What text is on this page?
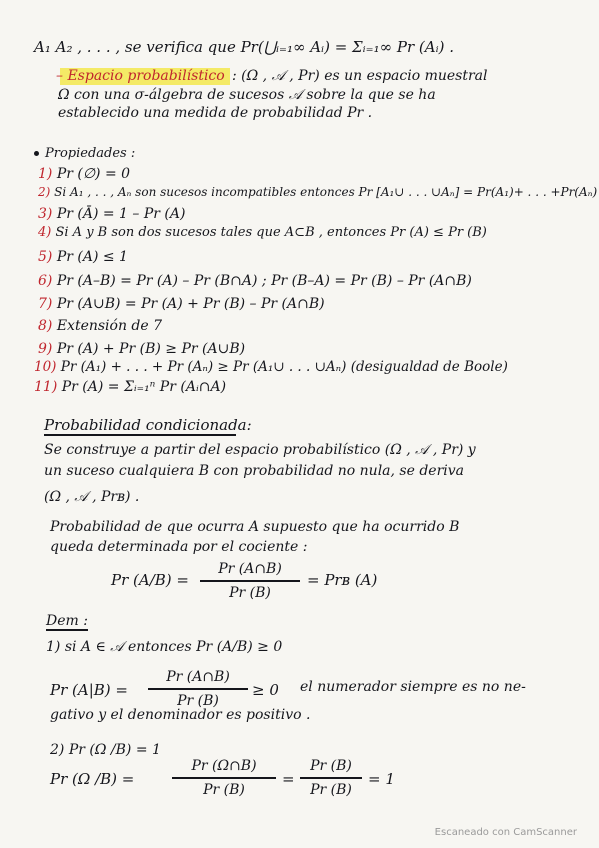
A₁ A₂ , . . . , se verifica que Pr(⋃ᵢ₌₁∞ Aᵢ) = Σᵢ₌₁∞ Pr (Aᵢ) .
– Espacio probabilístico : (Ω , 𝒜 , Pr) es un espacio muestral
Ω con una σ-álgebra de sucesos 𝒜 sobre la que se ha
establecido una medida de probabilidad Pr .
Propiedades :
1) Pr (∅) = 0
2) Si A₁ , . . , Aₙ son sucesos incompatibles entonces Pr [A₁∪ . . . ∪Aₙ] = Pr(A₁)+ . . . +Pr(Aₙ)
3) Pr (Ā) = 1 – Pr (A)
4) Si A y B son dos sucesos tales que A⊂B , entonces Pr (A) ≤ Pr (B)
5) Pr (A) ≤ 1
6) Pr (A–B) = Pr (A) – Pr (B∩A) ; Pr (B–A) = Pr (B) – Pr (A∩B)
7) Pr (A∪B) = Pr (A) + Pr (B) – Pr (A∩B)
8) Extensión de 7
9) Pr (A) + Pr (B) ≥ Pr (A∪B)
10) Pr (A₁) + . . . + Pr (Aₙ) ≥ Pr (A₁∪ . . . ∪Aₙ) (desigualdad de Boole)
11) Pr (A) = Σᵢ₌₁ⁿ Pr (Aᵢ∩A)
Probabilidad condicionada:
Se construye a partir del espacio probabilístico (Ω , 𝒜 , Pr) y
un suceso cualquiera B con probabilidad no nula, se deriva
(Ω , 𝒜 , Prʙ) .
Probabilidad de que ocurra A supuesto que ha ocurrido B
queda determinada por el cociente :
Pr (A/B) =
Pr (A∩B)
Pr (B)
= Prʙ (A)
Dem :
1) si A ∈ 𝒜 entonces Pr (A/B) ≥ 0
Pr (A|B) =
Pr (A∩B)
Pr (B)
≥ 0 el numerador siempre es no ne-
gativo y el denominador es positivo .
2) Pr (Ω /B) = 1
Pr (Ω /B) =
Pr (Ω∩B)
Pr (B)
=
Pr (B)
Pr (B)
= 1
Escaneado con CamScanner
